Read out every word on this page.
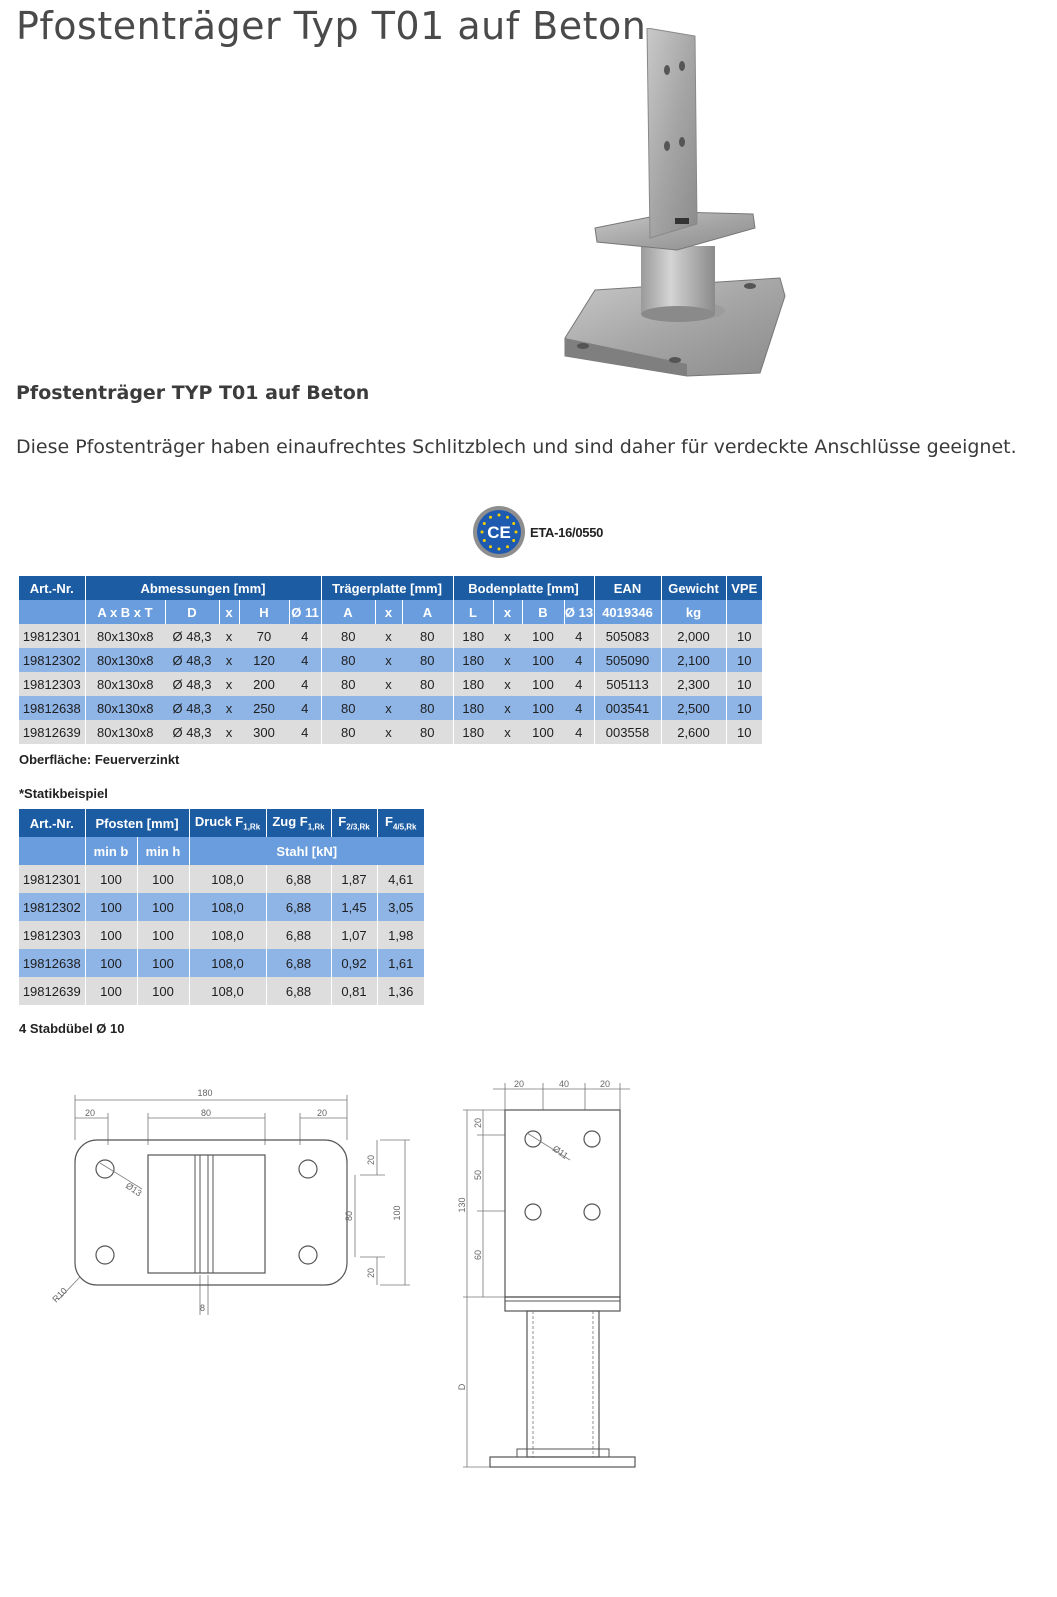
Pfostenträger Typ T01 auf Beton
Pfostenträger TYP T01 auf Beton

Diese Pfostenträger haben einaufrechtes Schlitzblech und sind daher für verdeckte Anschlüsse geeignet.

CE ETA-16/0550
Art.-Nr.	Abmessungen [mm]					Trägerplatte [mm]			Bodenplatte [mm]				EAN	Gewicht	VPE
	A x B x T	D	x	H	Ø 11	A	x	A	L	x	B	Ø 13	4019346	kg	
19812301	80x130x8	Ø 48,3	x	70	4	80	x	80	180	x	100	4	505083	2,000	10
19812302	80x130x8	Ø 48,3	x	120	4	80	x	80	180	x	100	4	505090	2,100	10
19812303	80x130x8	Ø 48,3	x	200	4	80	x	80	180	x	100	4	505113	2,300	10
19812638	80x130x8	Ø 48,3	x	250	4	80	x	80	180	x	100	4	003541	2,500	10
19812639	80x130x8	Ø 48,3	x	300	4	80	x	80	180	x	100	4	003558	2,600	10

Oberfläche: Feuerverzinkt

*Statikbeispiel

Art.-Nr.	Pfosten [mm]		Druck $F_{1,Rk}$	Zug $F_{1,Rk}$	$F_{2/3,Rk}$	$F_{4/5,Rk}$
	min b	min h	Stahl [kN]			
19812301	100	100	108,0	6,88	1,87	4,61
19812302	100	100	108,0	6,88	1,45	3,05
19812303	100	100	108,0	6,88	1,07	1,98
19812638	100	100	108,0	6,88	0,92	1,61
19812639	100	100	108,0	6,88	0,81	1,36

4 Stabdübel Ø 10

180
20	80	20
Ø13
R10
8
20
80
20
100
20	40	20
20
50
60
130
D
Ø11
